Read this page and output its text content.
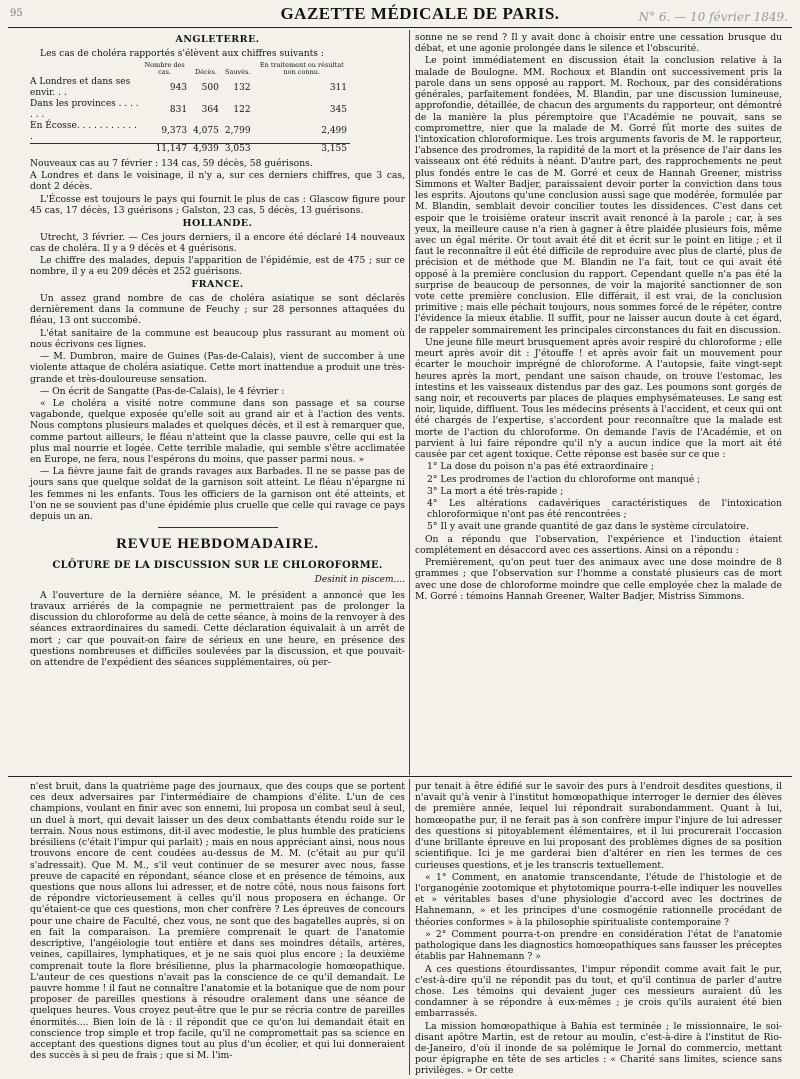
95	GAZETTE MÉDICALE DE PARIS.	N° 6. — 10 février 1849.
ANGLETERRE.

Les cas de choléra rapportés s'élèvent aux chiffres suivants :

	Nombre des cas.	Décès.	Sauvés.	En traitement ou résultat non connu.
A Londres et dans ses envir. . .	943	500	132	311
Dans les provinces . . . . . . .	831	364	122	345
En Écosse. . . . . . . . . . . .	9,373	4,075	2,799	2,499
	11,147	4,939	3,053	3,155

Nouveaux cas au 7 février : 134 cas, 59 décès, 58 guérisons.

A Londres et dans le voisinage, il n'y a, sur ces derniers chiffres, que 3 cas, dont 2 décès.

L'Écosse est toujours le pays qui fournit le plus de cas : Glascow figure pour 45 cas, 17 décès, 13 guérisons ; Galston, 23 cas, 5 décès, 13 guérisons.

HOLLANDE.

Utrecht, 3 février. — Ces jours derniers, il a encore été déclaré 14 nouveaux cas de choléra. Il y a 9 décès et 4 guérisons.

Le chiffre des malades, depuis l'apparition de l'épidémie, est de 475 ; sur ce nombre, il y a eu 209 décès et 252 guérisons.

FRANCE.

Un assez grand nombre de cas de choléra asiatique se sont déclarés dernièrement dans la commune de Feuchy ; sur 28 personnes attaquées du fléau, 13 ont succombé.

L'état sanitaire de la commune est beaucoup plus rassurant au moment où nous écrivons ces lignes.

— M. Dumbron, maire de Guines (Pas-de-Calais), vient de succomber à une violente attaque de choléra asiatique. Cette mort inattendue a produit une très-grande et très-douloureuse sensation.

— On écrit de Sangatte (Pas-de-Calais), le 4 février :

« Le choléra a visité notre commune dans son passage et sa course vagabonde, quelque exposée qu'elle soit au grand air et à l'action des vents. Nous comptons plusieurs malades et quelques décès, et il est à remarquer que, comme partout ailleurs, le fléau n'atteint que la classe pauvre, celle qui est la plus mal nourrie et logée. Cette terrible maladie, qui semble s'être acclimatée en Europe, ne fera, nous l'espérons du moins, que passer parmi nous. »

— La fièvre jaune fait de grands ravages aux Barbades. Il ne se passe pas de jours sans que quelque soldat de la garnison soit atteint. Le fléau n'épargne ni les femmes ni les enfants. Tous les officiers de la garnison ont été atteints, et l'on ne se souvient pas d'une épidémie plus cruelle que celle qui ravage ce pays depuis un an.

REVUE HEBDOMADAIRE.
CLÔTURE DE LA DISCUSSION SUR LE CHLOROFORME.
Desinit in piscem....

A l'ouverture de la dernière séance, M. le président a annoncé que les travaux arriérés de la compagnie ne permettraient pas de prolonger la discussion du chloroforme au delà de cette séance, à moins de la renvoyer à des séances extraordinaires du samedi. Cette déclaration équivalait à un arrêt de mort ; car que pouvait-on faire de sérieux en une heure, en présence des questions nombreuses et difficiles soulevées par la discussion, et que pouvait-on attendre de l'expédient des séances supplémentaires, où per-

sonne ne se rend ? Il y avait donc à choisir entre une cessation brusque du débat, et une agonie prolongée dans le silence et l'obscurité.

Le point immédiatement en discussion était la conclusion relative à la malade de Boulogne. MM. Rochoux et Blandin ont successivement pris la parole dans un sens opposé au rapport. M. Rochoux, par des considérations générales, parfaitement fondées, M. Blandin, par une discussion lumineuse, approfondie, détaillée, de chacun des arguments du rapporteur, ont démontré de la manière la plus péremptoire que l'Académie ne pouvait, sans se compromettre, nier que la malade de M. Gorré fût morte des suites de l'intoxication chloroformique. Les trois arguments favoris de M. le rapporteur, l'absence des prodromes, la rapidité de la mort et la présence de l'air dans les vaisseaux ont été réduits à néant. D'autre part, des rapprochements ne peut plus fondés entre le cas de M. Gorré et ceux de Hannah Greener, mistriss Simmons et Walter Badjer, paraissaient devoir porter la conviction dans tous les esprits. Ajoutons qu'une conclusion aussi sage que modérée, formulée par M. Blandin, semblait devoir concilier toutes les dissidences. C'est dans cet espoir que le troisième orateur inscrit avait renoncé à la parole ; car, à ses yeux, la meilleure cause n'a rien à gagner à être plaidée plusieurs fois, même avec un égal mérite. Or tout avait été dit et écrit sur le point en litige ; et il faut le reconnaître il eût été difficile de reproduire avec plus de clarté, plus de précision et de méthode que M. Blandin ne l'a fait, tout ce qui avait été opposé à la première conclusion du rapport. Cependant quelle n'a pas été la surprise de beaucoup de personnes, de voir la majorité sanctionner de son vote cette première conclusion. Elle différait, il est vrai, de la conclusion primitive ; mais elle péchait toujours, nous sommes forcé de le répéter, contre l'évidence la mieux établie. Il suffit, pour ne laisser aucun doute à cet égard, de rappeler sommairement les principales circonstances du fait en discussion.

Une jeune fille meurt brusquement après avoir respiré du chloroforme ; elle meurt après avoir dit : J'étouffe ! et après avoir fait un mouvement pour écarter le mouchoir imprégné de chloroforme. A l'autopsie, faite vingt-sept heures après la mort, pendant une saison chaude, on trouve l'estomac, les intestins et les vaisseaux distendus par des gaz. Les poumons sont gorgés de sang noir, et recouverts par places de plaques emphysémateuses. Le sang est noir, liquide, diffluent. Tous les médecins présents à l'accident, et ceux qui ont été chargés de l'expertise, s'accordent pour reconnaître que la malade est morte de l'action du chloroforme. On demande l'avis de l'Académie, et on parvient à lui faire répondre qu'il n'y a aucun indice que la mort ait été causée par cet agent toxique. Cette réponse est basée sur ce que :

1° La dose du poison n'a pas été extraordinaire ;

2° Les prodromes de l'action du chloroforme ont manqué ;

3° La mort a été très-rapide ;

4° Les altérations cadavériques caractéristiques de l'intoxication chloroformique n'ont pas été rencontrées ;

5° Il y avait une grande quantité de gaz dans le système circulatoire.

On a répondu que l'observation, l'expérience et l'induction étaient complétement en désaccord avec ces assertions. Ainsi on a répondu :

Premièrement, qu'on peut tuer des animaux avec une dose moindre de 8 grammes ; que l'observation sur l'homme a constaté plusieurs cas de mort avec une dose de chloroforme moindre que celle employée chez la malade de M. Gorré : témoins Hannah Greener, Walter Badjer, Mistriss Simmons.

n'est bruit, dans la quatrième page des journaux, que des coups que se portent ces deux adversaires par l'intermédiaire de champions d'élite. L'un de ces champions, voulant en finir avec son ennemi, lui proposa un combat seul à seul, un duel à mort, qui devait laisser un des deux combattants étendu roide sur le terrain. Nous nous estimons, dit-il avec modestie, le plus humble des praticiens brésiliens (c'était l'impur qui parlait) ; mais en nous appréciant ainsi, nous nous trouvons encore de cent coudées au-dessus de M. M. (c'était au pur qu'il s'adressait). Que M. M., s'il veut continuer de se mesurer avec nous, fasse preuve de capacité en répondant, séance close et en présence de témoins, aux questions que nous allons lui adresser, et de notre côté, nous nous faisons fort de répondre victorieusement à celles qu'il nous proposera en échange. Or qu'étaient-ce que ces questions, mon cher confrère ? Les épreuves de concours pour une chaire de Faculté, chez vous, ne sont que des bagatelles auprès, si on en fait la comparaison. La première comprenait le quart de l'anatomie descriptive, l'angéiologie tout entière et dans ses moindres détails, artères, veines, capillaires, lymphatiques, et je ne sais quoi plus encore ; la deuxième comprenait toute la flore brésilienne, plus la pharmacologie homœopathique. L'auteur de ces questions n'avait pas la conscience de ce qu'il demandait. Le pauvre homme ! il faut ne connaître l'anatomie et la botanique que de nom pour proposer de pareilles questions à résoudre oralement dans une séance de quelques heures. Vous croyez peut-être que le pur se récria contre de pareilles énormités.... Bien loin de là : il répondit que ce qu'on lui demandait était en conscience trop simple et trop facile, qu'il ne compromettait pas sa science en acceptant des questions dignes tout au plus d'un écolier, et qui lui donneraient des succès à si peu de frais ; que si M. l'im-

pur tenait à être édifié sur le savoir des purs à l'endroit desdites questions, il n'avait qu'à venir à l'institut homœopathique interroger le dernier des élèves de première année, lequel lui répondrait surabondamment. Quant à lui, homœopathe pur, il ne ferait pas à son confrère impur l'injure de lui adresser des questions si pitoyablement élémentaires, et il lui procurerait l'occasion d'une brillante épreuve en lui proposant des problèmes dignes de sa position scientifique. Ici je me garderai bien d'altérer en rien les termes de ces curieuses questions, et je les transcris textuellement.

« 1° Comment, en anatomie transcendante, l'étude de l'histologie et de l'organogénie zootomique et phytotomique pourra-t-elle indiquer les nouvelles et » véritables bases d'une physiologie d'accord avec les doctrines de Hahnemann, » et les principes d'une cosmogénie rationnelle procédant de théories conformes » à la philosophie spiritualiste contemporaine ?

» 2° Comment pourra-t-on prendre en considération l'état de l'anatomie pathologique dans les diagnostics homœopathiques sans fausser les préceptes établis par Hahnemann ? »

A ces questions étourdissantes, l'impur répondit comme avait fait le pur, c'est-à-dire qu'il ne répondit pas du tout, et qu'il continua de parler d'autre chose. Les témoins qui devaient juger ces messieurs auraient dû les condamner à se répondre à eux-mêmes ; je crois qu'ils auraient été bien embarrassés.

La mission homœopathique à Bahia est terminée ; le missionnaire, le soi-disant apôtre Martin, est de retour au moulin, c'est-à-dire à l'institut de Rio-de-Janeiro, d'où il inonde de sa polémique le Jornal do commercio, mettant pour épigraphe en tête de ses articles : « Charité sans limites, science sans privilèges. » Or cette
